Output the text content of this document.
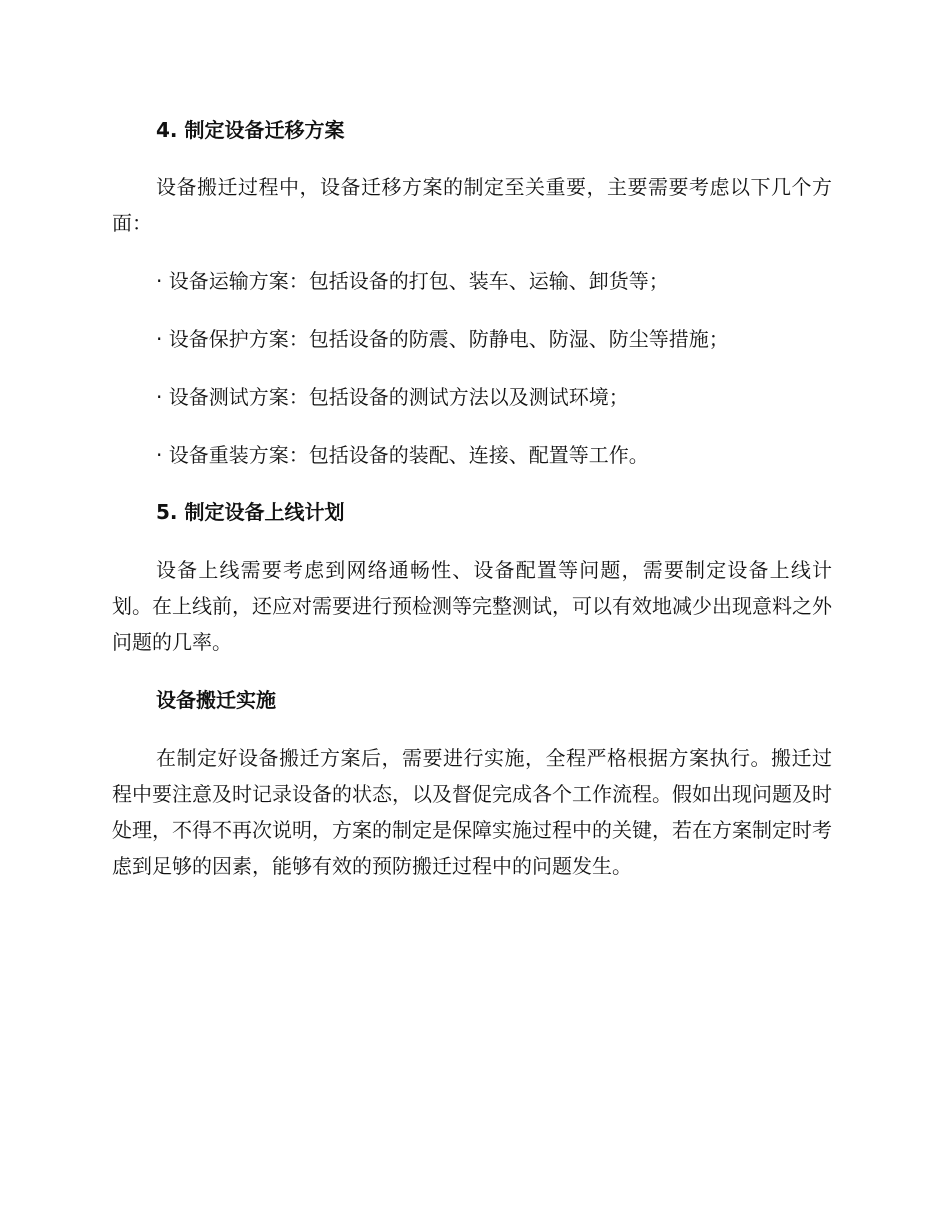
4. 制定设备迁移方案

设备搬迁过程中，设备迁移方案的制定至关重要，主要需要考虑以下几个方面：

· 设备运输方案：包括设备的打包、装车、运输、卸货等；
· 设备保护方案：包括设备的防震、防静电、防湿、防尘等措施；
· 设备测试方案：包括设备的测试方法以及测试环境；
· 设备重装方案：包括设备的装配、连接、配置等工作。
5. 制定设备上线计划

设备上线需要考虑到网络通畅性、设备配置等问题，需要制定设备上线计划。在上线前，还应对需要进行预检测等完整测试，可以有效地减少出现意料之外问题的几率。

设备搬迁实施

在制定好设备搬迁方案后，需要进行实施，全程严格根据方案执行。搬迁过程中要注意及时记录设备的状态，以及督促完成各个工作流程。假如出现问题及时处理，不得不再次说明，方案的制定是保障实施过程中的关键，若在方案制定时考虑到足够的因素，能够有效的预防搬迁过程中的问题发生。
